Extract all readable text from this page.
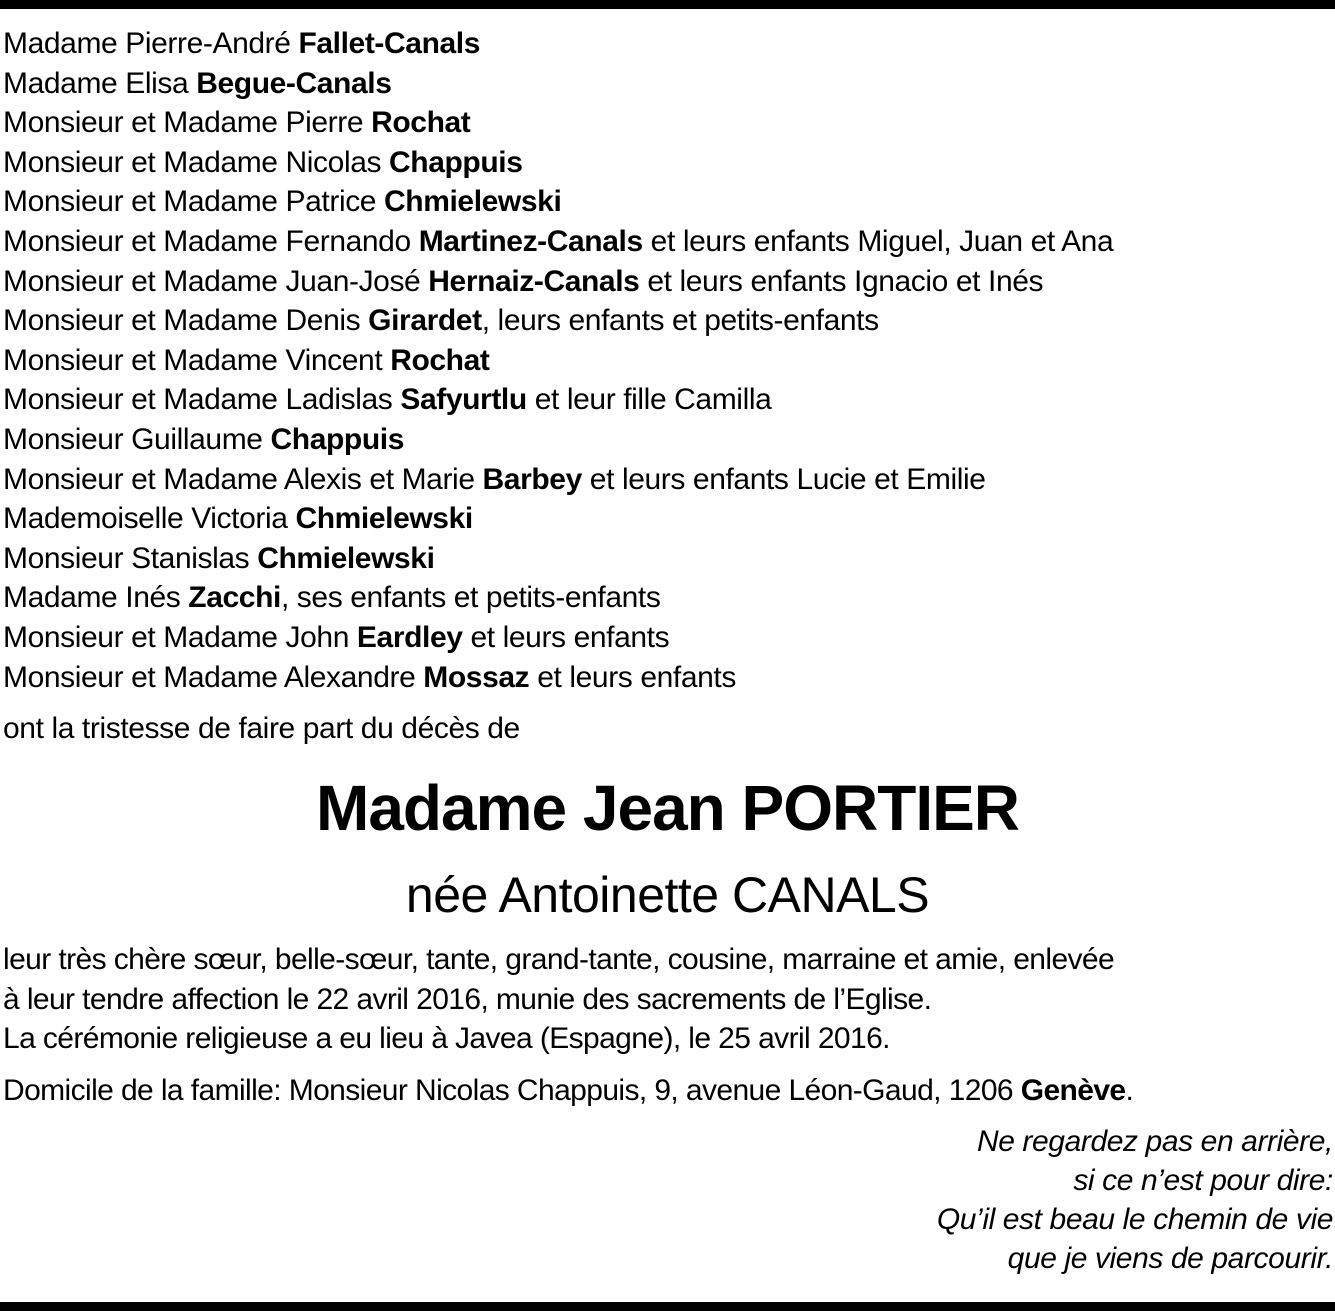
Madame Pierre-André Fallet-Canals
Madame Elisa Begue-Canals
Monsieur et Madame Pierre Rochat
Monsieur et Madame Nicolas Chappuis
Monsieur et Madame Patrice Chmielewski
Monsieur et Madame Fernando Martinez-Canals et leurs enfants Miguel, Juan et Ana
Monsieur et Madame Juan-José Hernaiz-Canals et leurs enfants Ignacio et Inés
Monsieur et Madame Denis Girardet, leurs enfants et petits-enfants
Monsieur et Madame Vincent Rochat
Monsieur et Madame Ladislas Safyurtlu et leur fille Camilla
Monsieur Guillaume Chappuis
Monsieur et Madame Alexis et Marie Barbey et leurs enfants Lucie et Emilie
Mademoiselle Victoria Chmielewski
Monsieur Stanislas Chmielewski
Madame Inés Zacchi, ses enfants et petits-enfants
Monsieur et Madame John Eardley et leurs enfants
Monsieur et Madame Alexandre Mossaz et leurs enfants
ont la tristesse de faire part du décès de
Madame Jean PORTIER
née Antoinette CANALS
leur très chère sœur, belle-sœur, tante, grand-tante, cousine, marraine et amie, enlevée
à leur tendre affection le 22 avril 2016, munie des sacrements de l’Eglise.
La cérémonie religieuse a eu lieu à Javea (Espagne), le 25 avril 2016.
Domicile de la famille: Monsieur Nicolas Chappuis, 9, avenue Léon-Gaud, 1206 Genève.
Ne regardez pas en arrière,
si ce n’est pour dire:
Qu’il est beau le chemin de vie
que je viens de parcourir.
